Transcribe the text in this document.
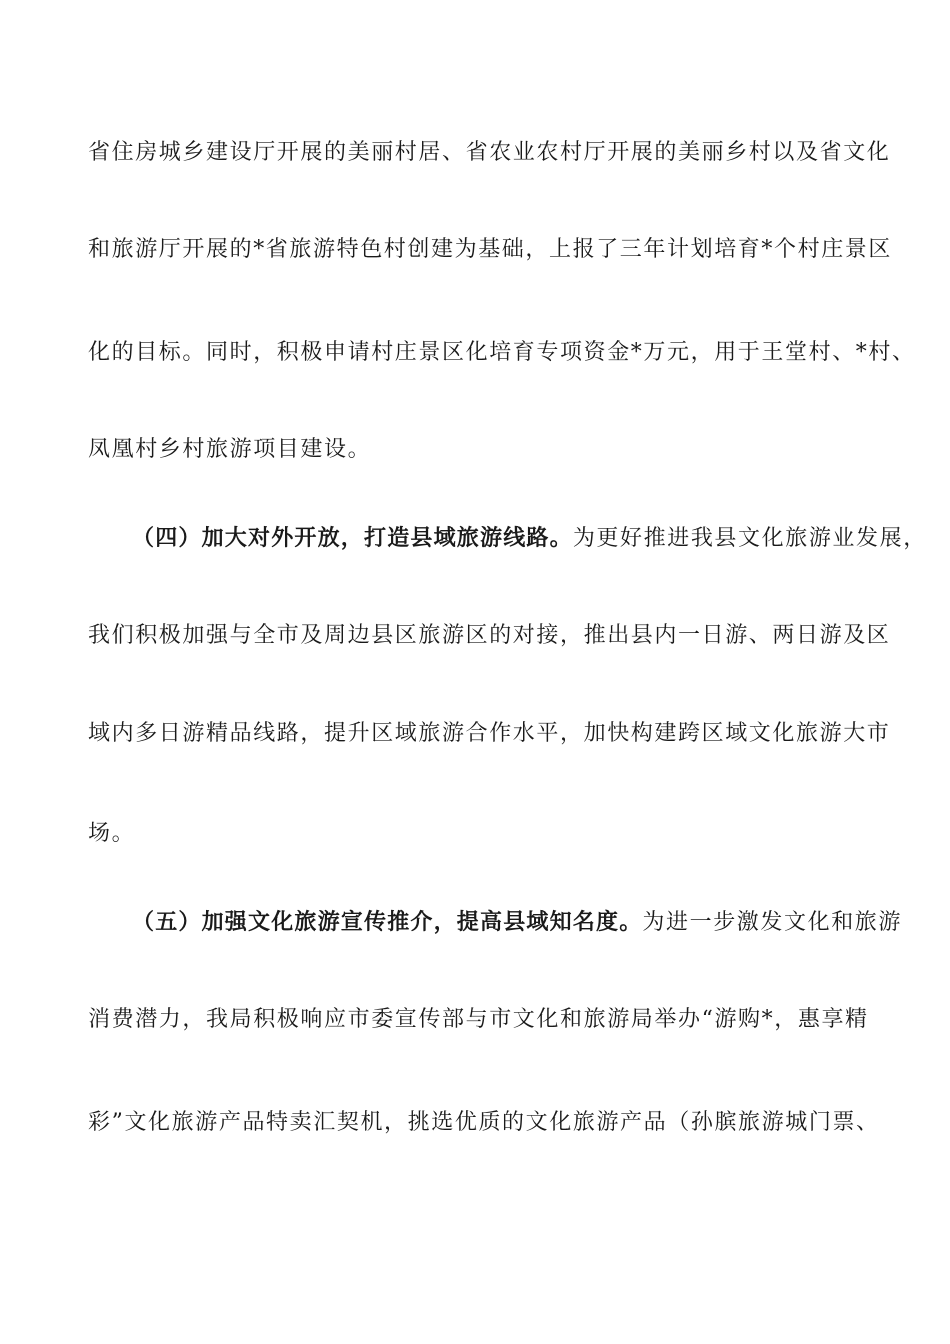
省住房城乡建设厅开展的美丽村居、省农业农村厅开展的美丽乡村以及省文化
和旅游厅开展的*省旅游特色村创建为基础，上报了三年计划培育*个村庄景区
化的目标。同时，积极申请村庄景区化培育专项资金*万元，用于王堂村、*村、
凤凰村乡村旅游项目建设。
（四）加大对外开放，打造县域旅游线路。为更好推进我县文化旅游业发展，
我们积极加强与全市及周边县区旅游区的对接，推出县内一日游、两日游及区
域内多日游精品线路，提升区域旅游合作水平，加快构建跨区域文化旅游大市
场。
（五）加强文化旅游宣传推介，提高县域知名度。为进一步激发文化和旅游
消费潜力，我局积极响应市委宣传部与市文化和旅游局举办“游购*，惠享精
彩”文化旅游产品特卖汇契机，挑选优质的文化旅游产品（孙膑旅游城门票、
